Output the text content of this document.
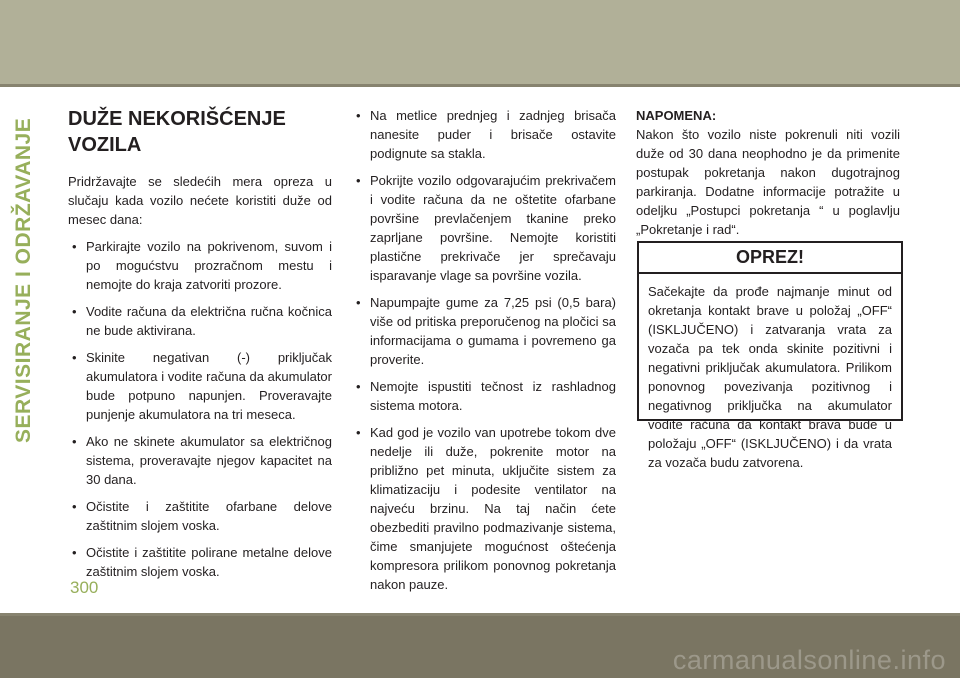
SERVISIRANJE I ODRŽAVANJE DUŽE NEKORIŠĆENJE VOZILA

Pridržavajte se sledećih mera opreza u slučaju kada vozilo nećete koristiti duže od mesec dana:

• Parkirajte vozilo na pokrivenom, suvom i po mogućstvu prozračnom mestu i nemojte do kraja zatvoriti prozore.
• Vodite računa da električna ručna kočnica ne bude aktivirana.
• Skinite negativan (-) priključak akumulatora i vodite računa da akumulator bude potpuno napunjen. Proveravajte punjenje akumulatora na tri meseca.
• Ako ne skinete akumulator sa električnog sistema, proveravajte njegov kapacitet na 30 dana.
• Očistite i zaštitite ofarbane delove zaštitnim slojem voska.
• Očistite i zaštitite polirane metalne delove zaštitnim slojem voska.
• Na metlice prednjeg i zadnjeg brisača nanesite puder i brisače ostavite podignute sa stakla.
• Pokrijte vozilo odgovarajućim prekrivačem i vodite računa da ne oštetite ofarbane površine prevlačenjem tkanine preko zaprljane površine. Nemojte koristiti plastične prekrivače jer sprečavaju isparavanje vlage sa površine vozila.
• Napumpajte gume za 7,25 psi (0,5 bara) više od pritiska preporučenog na pločici sa informacijama o gumama i povremeno ga proverite.
• Nemojte ispustiti tečnost iz rashladnog sistema motora.
• Kad god je vozilo van upotrebe tokom dve nedelje ili duže, pokrenite motor na približno pet minuta, uključite sistem za klimatizaciju i podesite ventilator na najveću brzinu. Na taj način ćete obezbediti pravilno podmazivanje sistema, čime smanjujete mogućnost oštećenja kompresora prilikom ponovnog pokretanja nakon pauze.

NAPOMENA:

Nakon što vozilo niste pokrenuli niti vozili duže od 30 dana neophodno je da primenite postupak pokretanja nakon dugotrajnog parkiranja. Dodatne informacije potražite u odeljku „Postupci pokretanja “ u poglavlju „Pokretanje i rad“.

OPREZ!
Sačekajte da prođe najmanje minut od okretanja kontakt brave u položaj „OFF“ (ISKLJUČENO) i zatvaranja vrata za vozača pa tek onda skinite pozitivni i negativni priključak akumulatora. Prilikom ponovnog povezivanja pozitivnog i negativnog priključka na akumulator vodite računa da kontakt brava bude u položaju „OFF“ (ISKLJUČENO) i da vrata za vozača budu zatvorena.
300
carmanualsonline.info
